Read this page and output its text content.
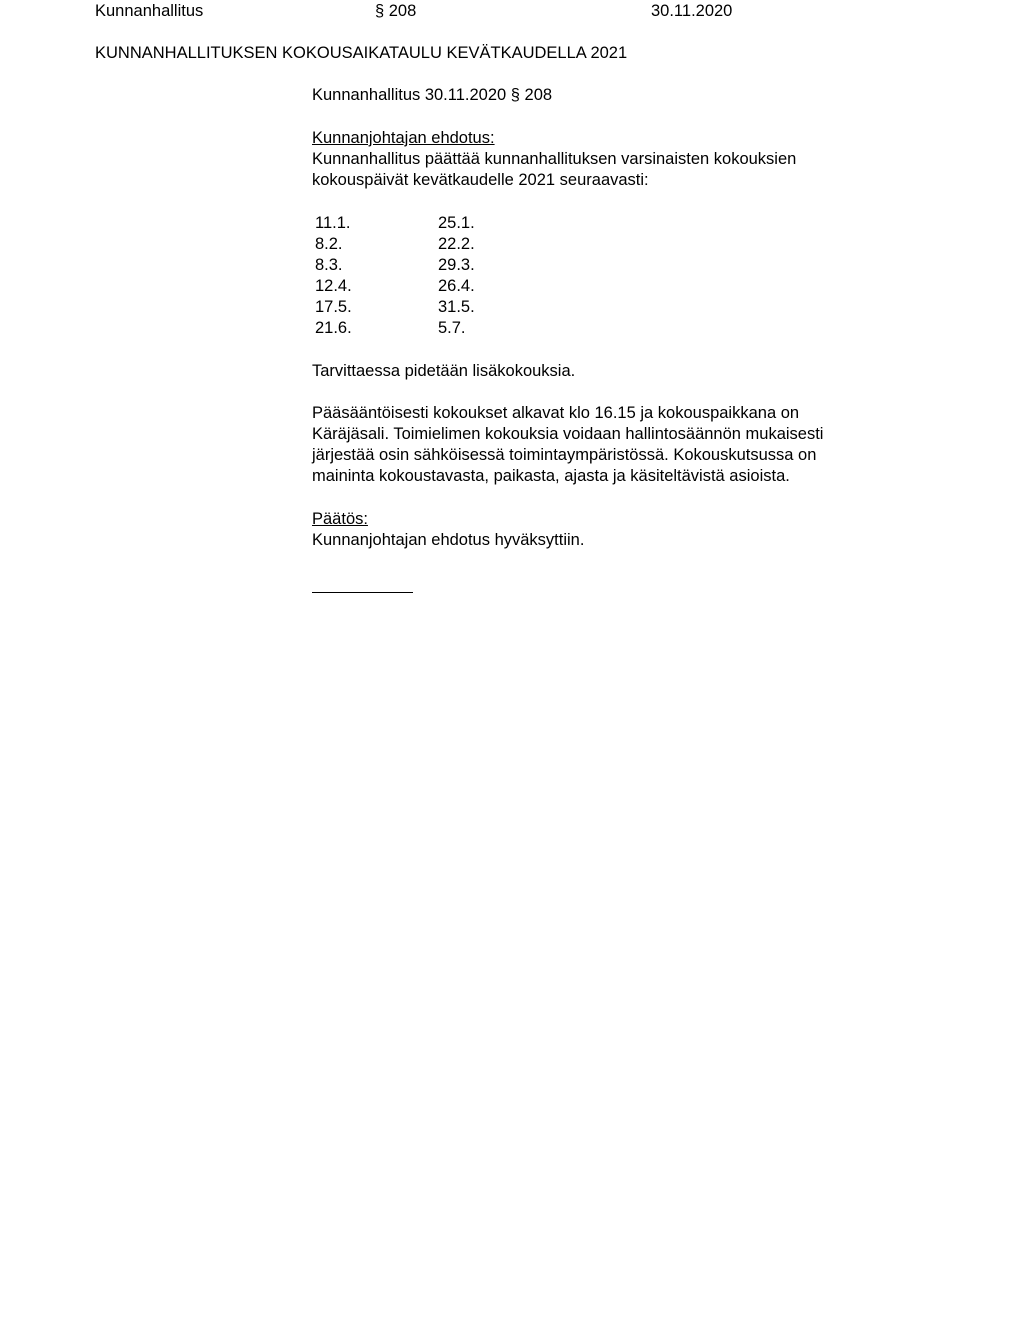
Kunnanhallitus	§ 208	30.11.2020
KUNNANHALLITUKSEN KOKOUSAIKATAULU KEVÄTKAUDELLA 2021
Kunnanhallitus 30.11.2020 § 208
Kunnanjohtajan ehdotus:
Kunnanhallitus päättää kunnanhallituksen varsinaisten kokouksien
kokouspäivät kevätkaudelle 2021 seuraavasti:
11.1.	25.1.
8.2.	22.2.
8.3.	29.3.
12.4.	26.4.
17.5.	31.5.
21.6.	5.7.
Tarvittaessa pidetään lisäkokouksia.
Pääsääntöisesti kokoukset alkavat klo 16.15 ja kokouspaikkana on
Käräjäsali. Toimielimen kokouksia voidaan hallintosäännön mukaisesti
järjestää osin sähköisessä toimintaympäristössä. Kokouskutsussa on
maininta kokoustavasta, paikasta, ajasta ja käsiteltävistä asioista.
Päätös:
Kunnanjohtajan ehdotus hyväksyttiin.
